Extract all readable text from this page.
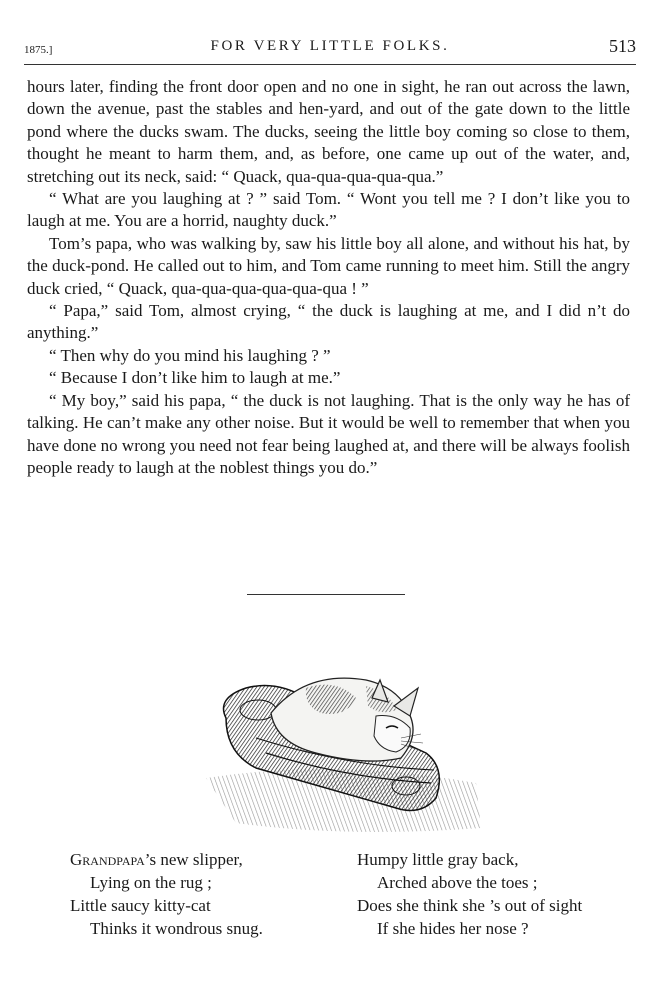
1875.]	FOR VERY LITTLE FOLKS.	513

hours later, finding the front door open and no one in sight, he ran out across the lawn, down the avenue, past the stables and hen-yard, and out of the gate down to the little pond where the ducks swam. The ducks, seeing the little boy coming so close to them, thought he meant to harm them, and, as before, one came up out of the water, and, stretching out its neck, said: “ Quack, qua-qua-qua-qua-qua.”

“ What are you laughing at ? ” said Tom. “ Wont you tell me ? I don’t like you to laugh at me. You are a horrid, naughty duck.”

Tom’s papa, who was walking by, saw his little boy all alone, and without his hat, by the duck-pond. He called out to him, and Tom came running to meet him. Still the angry duck cried, “ Quack, qua-qua-qua-qua-qua-qua ! ”

“ Papa,” said Tom, almost crying, “ the duck is laughing at me, and I did n’t do anything.”

“ Then why do you mind his laughing ? ”

“ Because I don’t like him to laugh at me.”

“ My boy,” said his papa, “ the duck is not laughing. That is the only way he has of talking. He can’t make any other noise. But it would be well to remember that when you have done no wrong you need not fear being laughed at, and there will be always foolish people ready to laugh at the noblest things you do.”

Grandpapa’s new slipper,
Lying on the rug ;
Little saucy kitty-cat
Thinks it wondrous snug.
Humpy little gray back,
Arched above the toes ;
Does she think she ’s out of sight
If she hides her nose ?
